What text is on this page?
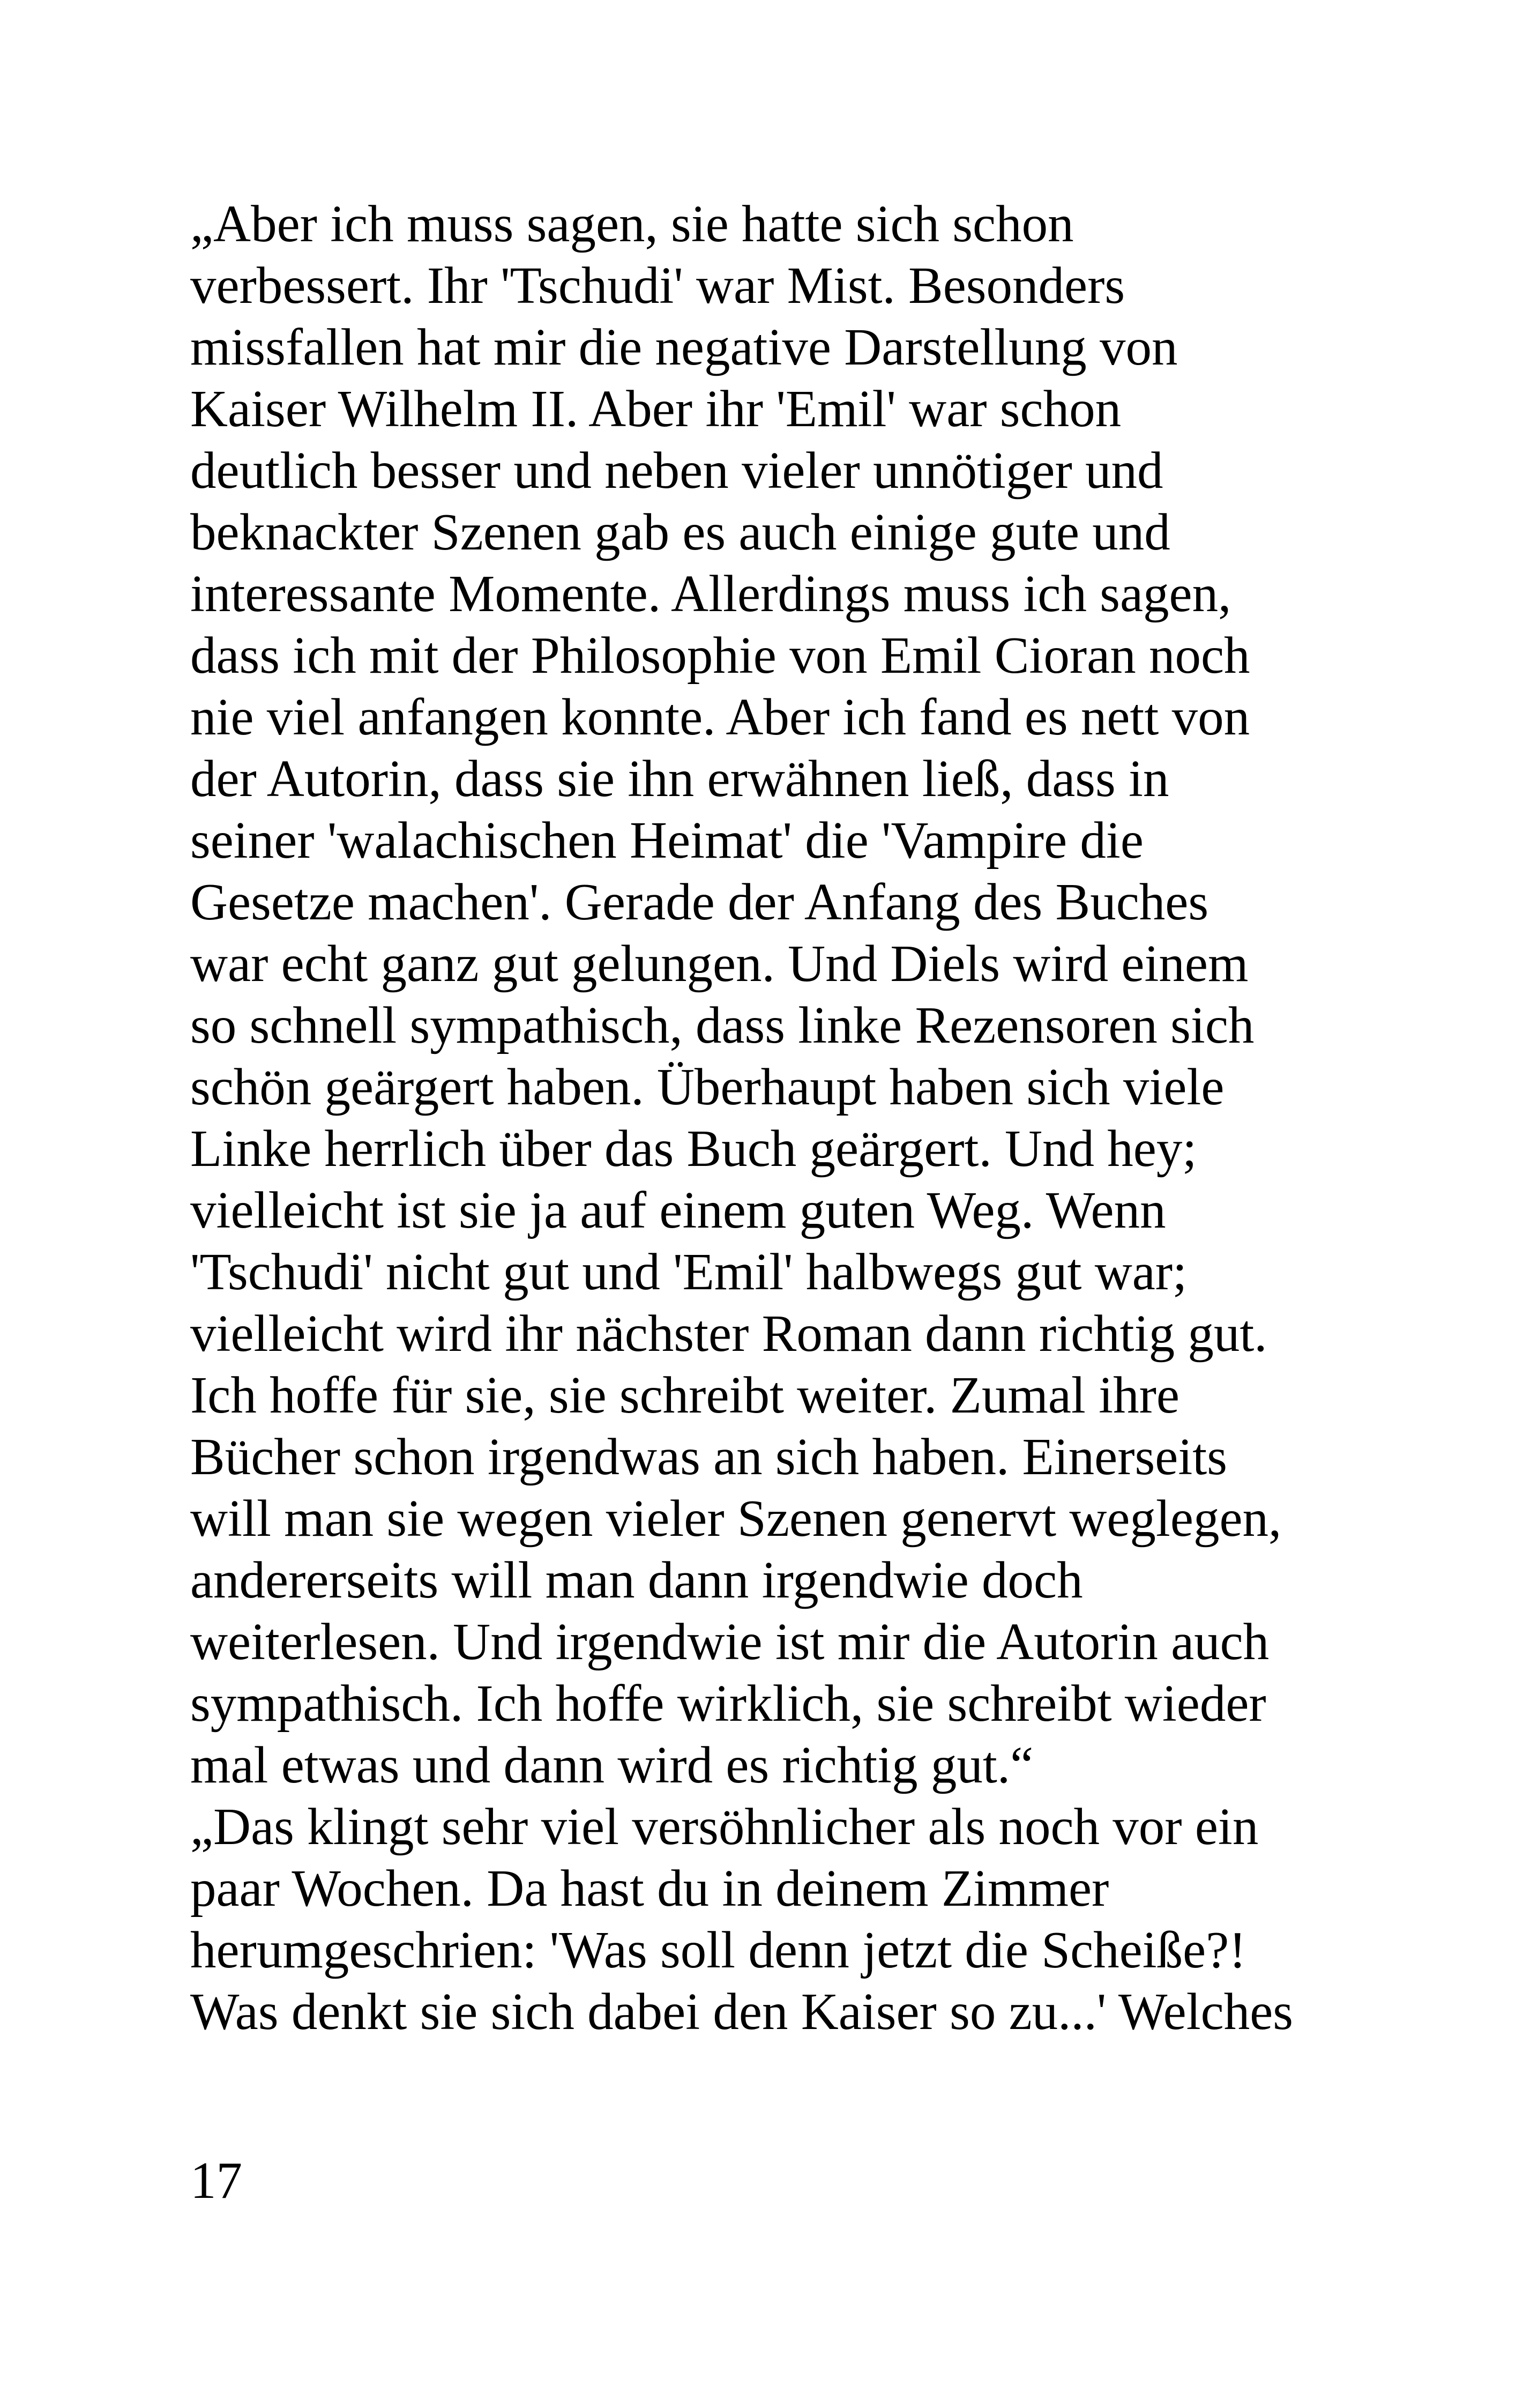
„Aber ich muss sagen, sie hatte sich schon
verbessert. Ihr 'Tschudi' war Mist. Besonders
missfallen hat mir die negative Darstellung von
Kaiser Wilhelm II. Aber ihr 'Emil' war schon
deutlich besser und neben vieler unnötiger und
beknackter Szenen gab es auch einige gute und
interessante Momente. Allerdings muss ich sagen,
dass ich mit der Philosophie von Emil Cioran noch
nie viel anfangen konnte. Aber ich fand es nett von
der Autorin, dass sie ihn erwähnen ließ, dass in
seiner 'walachischen Heimat' die 'Vampire die
Gesetze machen'. Gerade der Anfang des Buches
war echt ganz gut gelungen. Und Diels wird einem
so schnell sympathisch, dass linke Rezensoren sich
schön geärgert haben. Überhaupt haben sich viele
Linke herrlich über das Buch geärgert. Und hey;
vielleicht ist sie ja auf einem guten Weg. Wenn
'Tschudi' nicht gut und 'Emil' halbwegs gut war;
vielleicht wird ihr nächster Roman dann richtig gut.
Ich hoffe für sie, sie schreibt weiter. Zumal ihre
Bücher schon irgendwas an sich haben. Einerseits
will man sie wegen vieler Szenen genervt weglegen,
andererseits will man dann irgendwie doch
weiterlesen. Und irgendwie ist mir die Autorin auch
sympathisch. Ich hoffe wirklich, sie schreibt wieder
mal etwas und dann wird es richtig gut.“
„Das klingt sehr viel versöhnlicher als noch vor ein
paar Wochen. Da hast du in deinem Zimmer
herumgeschrien: 'Was soll denn jetzt die Scheiße?!
Was denkt sie sich dabei den Kaiser so zu...' Welches
17
